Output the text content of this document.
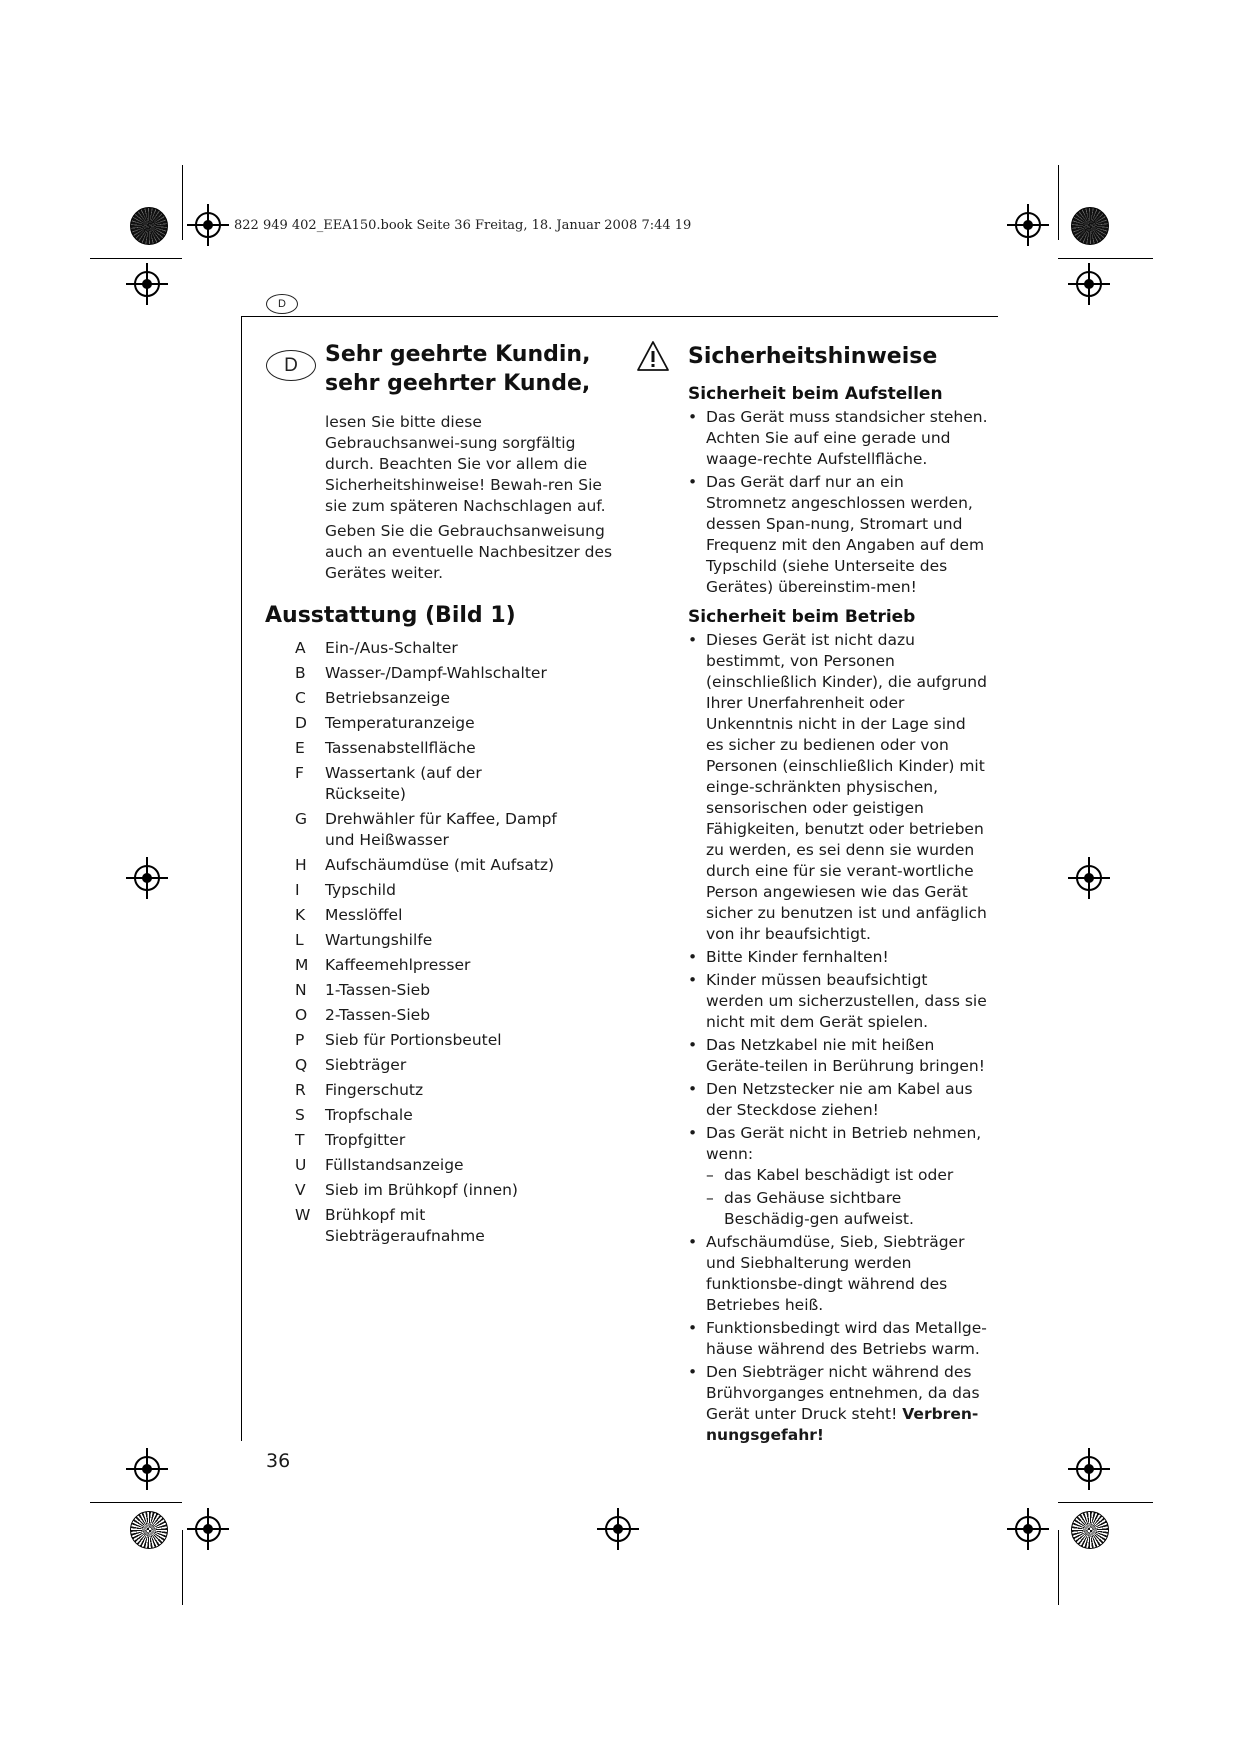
822 949 402_EEA150.book Seite 36 Freitag, 18. Januar 2008 7:44 19
D
D	Sehr geehrte Kundin,
sehr geehrter Kunde,

lesen Sie bitte diese Gebrauchsanwei-sung sorgfältig durch. Beachten Sie vor allem die Sicherheitshinweise! Bewah-ren Sie sie zum späteren Nachschlagen auf.

Geben Sie die Gebrauchsanweisung auch an eventuelle Nachbesitzer des Gerätes weiter.

Ausstattung (Bild 1)
A	Ein-/Aus-Schalter
B	Wasser-/Dampf-Wahlschalter
C	Betriebsanzeige
D	Temperaturanzeige
E	Tassenabstellfläche
F	Wassertank (auf der Rückseite)
G	Drehwähler für Kaffee, Dampf und Heißwasser
H	Aufschäumdüse (mit Aufsatz)
I	Typschild
K	Messlöffel
L	Wartungshilfe
M	Kaffeemehlpresser
N	1-Tassen-Sieb
O	2-Tassen-Sieb
P	Sieb für Portionsbeutel
Q	Siebträger
R	Fingerschutz
S	Tropfschale
T	Tropfgitter
U	Füllstandsanzeige
V	Sieb im Brühkopf (innen)
W Brühkopf mit Siebträgeraufnahme
Sicherheitshinweise
Sicherheit beim Aufstellen
• Das Gerät muss standsicher stehen. Achten Sie auf eine gerade und waage-rechte Aufstellfläche.
• Das Gerät darf nur an ein Stromnetz angeschlossen werden, dessen Span-nung, Stromart und Frequenz mit den Angaben auf dem Typschild (siehe Unterseite des Gerätes) übereinstim-men!
Sicherheit beim Betrieb
• Dieses Gerät ist nicht dazu bestimmt, von Personen (einschließlich Kinder), die aufgrund Ihrer Unerfahrenheit oder Unkenntnis nicht in der Lage sind es sicher zu bedienen oder von Personen (einschließlich Kinder) mit einge-schränkten physischen, sensorischen oder geistigen Fähigkeiten, benutzt oder betrieben zu werden, es sei denn sie wurden durch eine für sie verant-wortliche Person angewiesen wie das Gerät sicher zu benutzen ist und anfäglich von ihr beaufsichtigt.
• Bitte Kinder fernhalten!
• Kinder müssen beaufsichtigt werden um sicherzustellen, dass sie nicht mit dem Gerät spielen.
• Das Netzkabel nie mit heißen Geräte-teilen in Berührung bringen!
• Den Netzstecker nie am Kabel aus der Steckdose ziehen!
• Das Gerät nicht in Betrieb nehmen, wenn:
– das Kabel beschädigt ist oder
– das Gehäuse sichtbare Beschädig-gen aufweist.
• Aufschäumdüse, Sieb, Siebträger und Siebhalterung werden funktionsbe-dingt während des Betriebes heiß.
• Funktionsbedingt wird das Metallge-häuse während des Betriebs warm.
• Den Siebträger nicht während des Brühvorganges entnehmen, da das Gerät unter Druck steht! Verbren-nungsgefahr!
36
